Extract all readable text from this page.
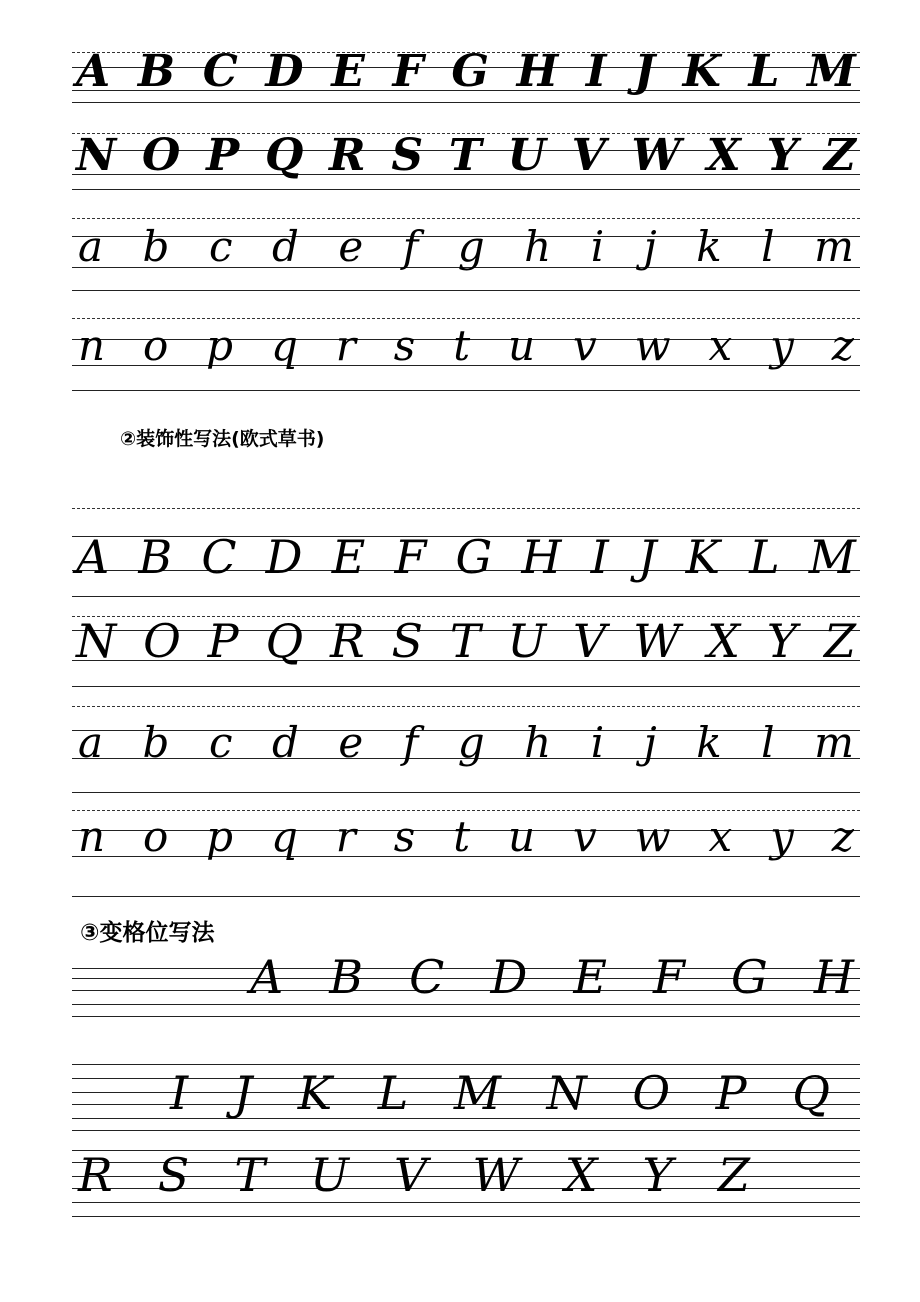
A B C D E F G H I J K L M
N O P Q R S T U V W X Y Z
a b c d e f g h i j k l m
n o p q r s t u v w x y z
②装饰性写法(欧式草书)
A B C D E F G H I J K L M
N O P Q R S T U V W X Y Z
a b c d e f g h i j k l m
n o p q r s t u v w x y z
③变格位写法
A B C D E F G H
I J K L M N O P Q
R S T U V W X Y Z
